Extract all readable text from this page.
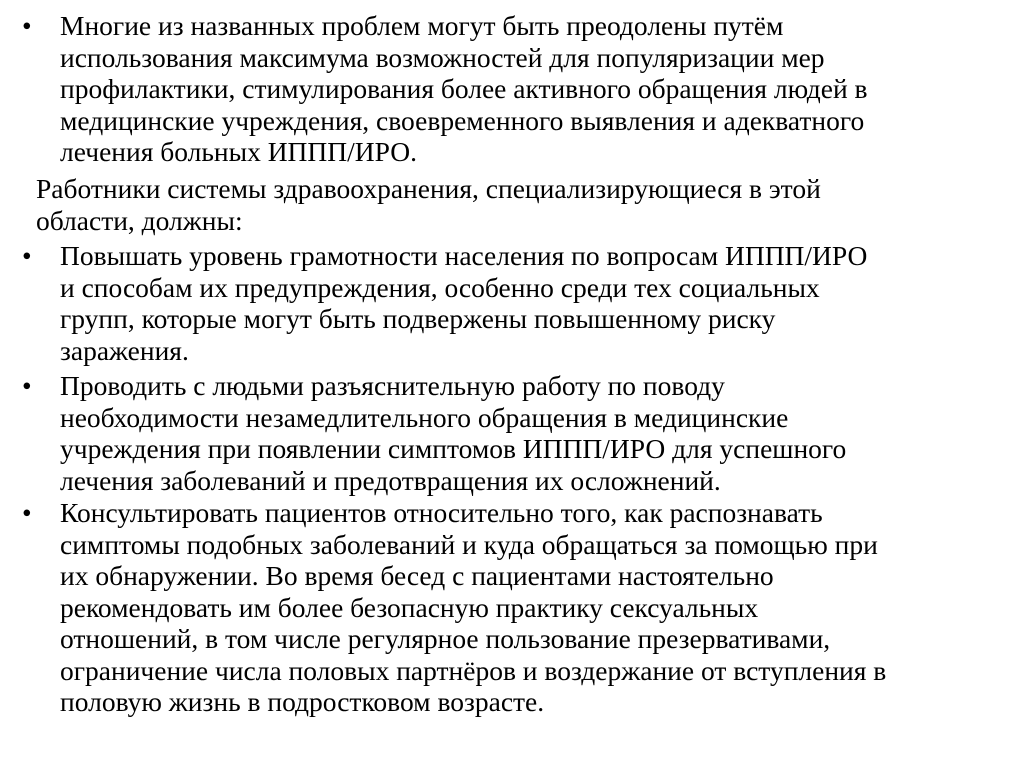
•	Многие из названных проблем могут быть преодолены путём
использования максимума возможностей для популяризации мер
профилактики, стимулирования более активного обращения людей в
медицинские учреждения, своевременного выявления и адекватного
лечения больных ИППП/ИРО.
Работники системы здравоохранения, специализирующиеся в этой
области, должны:
•	Повышать уровень грамотности населения по вопросам ИППП/ИРО
и способам их предупреждения, особенно среди тех социальных
групп, которые могут быть подвержены повышенному риску
заражения.
•	Проводить с людьми разъяснительную работу по поводу
необходимости незамедлительного обращения в медицинские
учреждения при появлении симптомов ИППП/ИРО для успешного
лечения заболеваний и предотвращения их осложнений.
•	Консультировать пациентов относительно того, как распознавать
симптомы подобных заболеваний и куда обращаться за помощью при
их обнаружении. Во время бесед с пациентами настоятельно
рекомендовать им более безопасную практику сексуальных
отношений, в том числе регулярное пользование презервативами,
ограничение числа половых партнёров и воздержание от вступления в
половую жизнь в подростковом возрасте.
